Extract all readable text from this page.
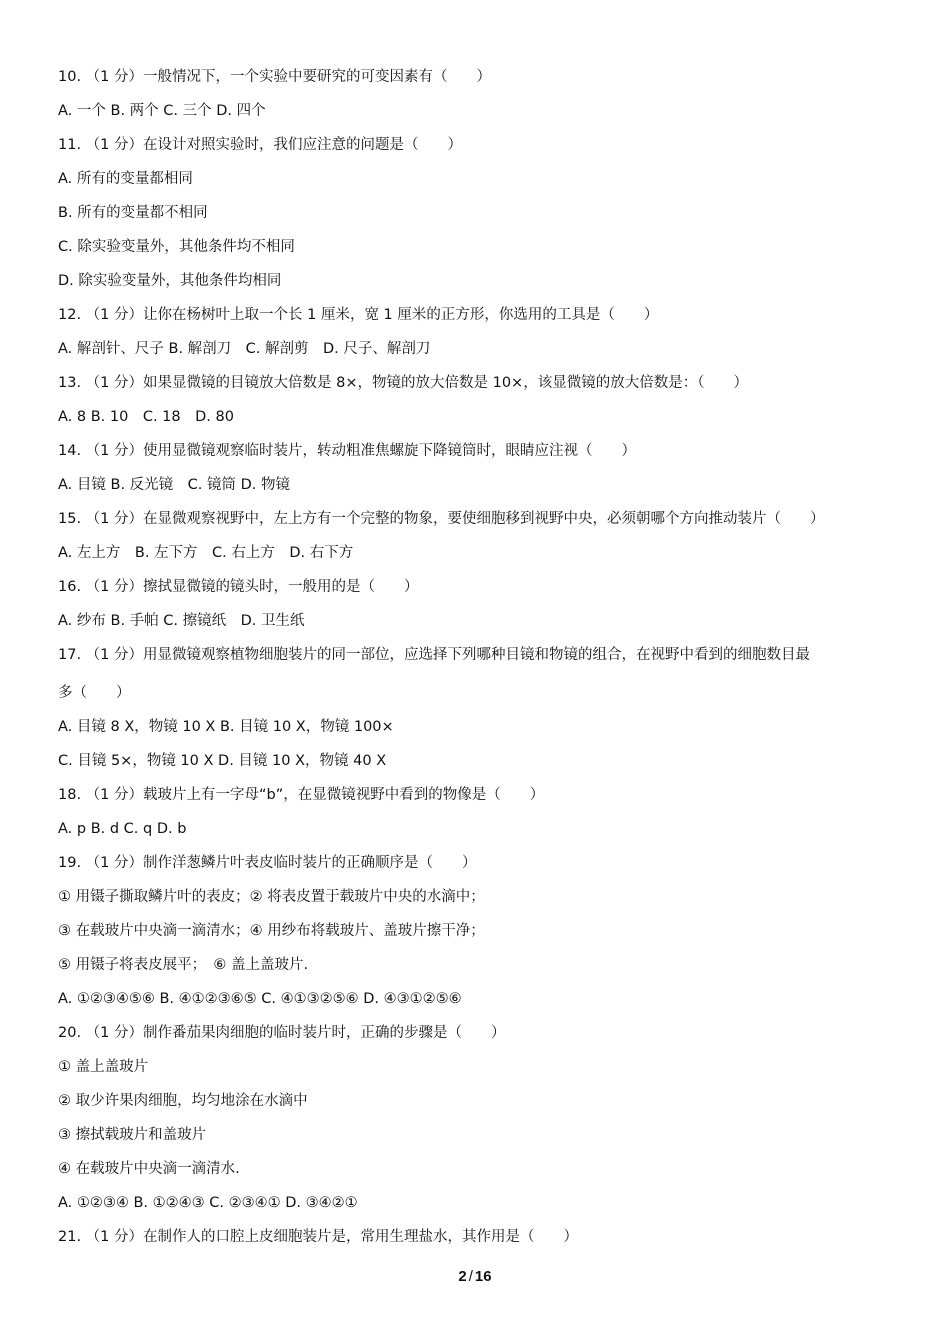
10. （1 分）一般情况下，一个实验中要研究的可变因素有（　　）
A. 一个 B. 两个 C. 三个 D. 四个
11. （1 分）在设计对照实验时，我们应注意的问题是（　　）
A. 所有的变量都相同
B. 所有的变量都不相同
C. 除实验变量外，其他条件均不相同
D. 除实验变量外，其他条件均相同
12. （1 分）让你在杨树叶上取一个长 1 厘米，宽 1 厘米的正方形，你选用的工具是（　　）
A. 解剖针、尺子 B. 解剖刀　C. 解剖剪　D. 尺子、解剖刀
13. （1 分）如果显微镜的目镜放大倍数是 8×，物镜的放大倍数是 10×，该显微镜的放大倍数是：（　　）
A. 8 B. 10　C. 18　D. 80
14. （1 分）使用显微镜观察临时装片，转动粗准焦螺旋下降镜筒时，眼睛应注视（　　）
A. 目镜 B. 反光镜　C. 镜筒 D. 物镜
15. （1 分）在显微观察视野中，左上方有一个完整的物象，要使细胞移到视野中央，必须朝哪个方向推动装片（　　）
A. 左上方　B. 左下方　C. 右上方　D. 右下方
16. （1 分）擦拭显微镜的镜头时，一般用的是（　　）
A. 纱布 B. 手帕 C. 擦镜纸　D. 卫生纸
17. （1 分）用显微镜观察植物细胞装片的同一部位，应选择下列哪种目镜和物镜的组合，在视野中看到的细胞数目最
多（　　）
A. 目镜 8 X，物镜 10 X B. 目镜 10 X，物镜 100×
C. 目镜 5×，物镜 10 X D. 目镜 10 X，物镜 40 X
18. （1 分）载玻片上有一字母“b”，在显微镜视野中看到的物像是（　　）
A. p B. d C. q D. b
19. （1 分）制作洋葱鳞片叶表皮临时装片的正确顺序是（　　）
① 用镊子撕取鳞片叶的表皮；② 将表皮置于载玻片中央的水滴中；
③ 在载玻片中央滴一滴清水；④ 用纱布将载玻片、盖玻片擦干净；
⑤ 用镊子将表皮展平；　⑥ 盖上盖玻片.
A. ①②③④⑤⑥ B. ④①②③⑥⑤ C. ④①③②⑤⑥ D. ④③①②⑤⑥
20. （1 分）制作番茄果肉细胞的临时装片时，正确的步骤是（　　）
① 盖上盖玻片
② 取少许果肉细胞，均匀地涂在水滴中
③ 擦拭载玻片和盖玻片
④ 在载玻片中央滴一滴清水.
A. ①②③④ B. ①②④③ C. ②③④① D. ③④②①
21. （1 分）在制作人的口腔上皮细胞装片是，常用生理盐水，其作用是（　　）
2 / 16
